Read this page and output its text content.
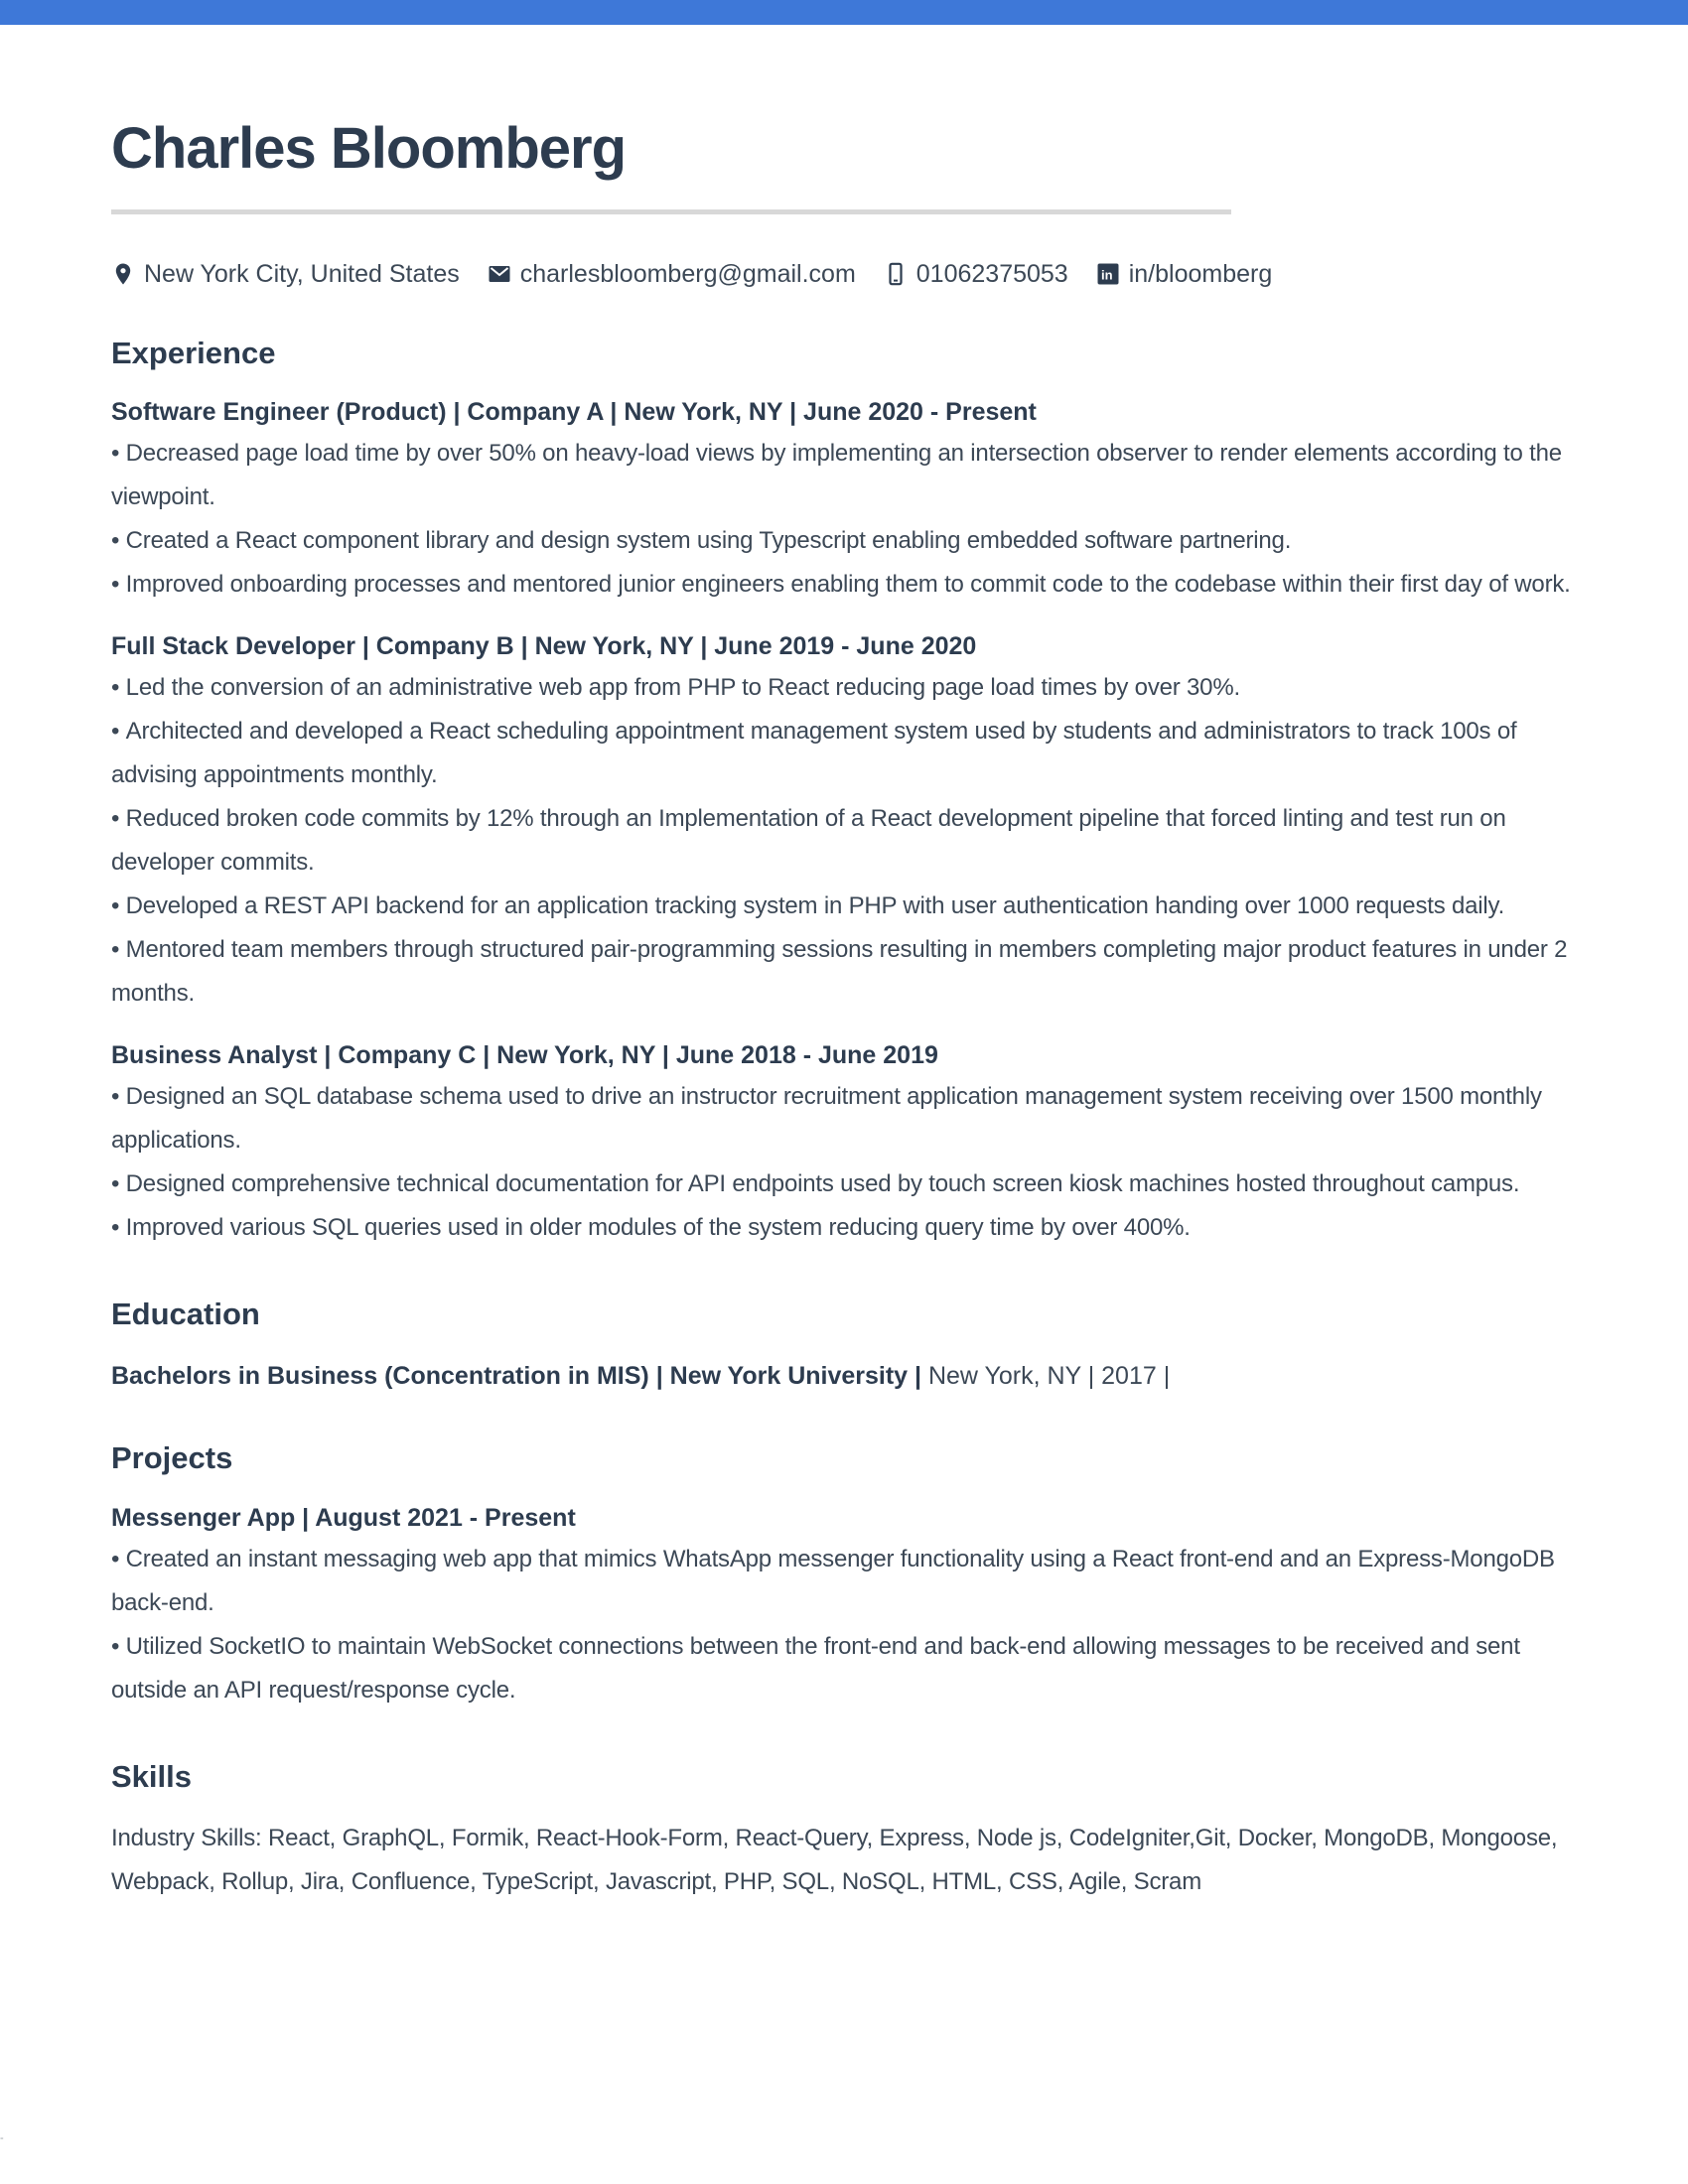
Charles Bloomberg
New York City, United States charlesbloomberg@gmail.com 01062375053	in in/bloomberg
Experience
Software Engineer (Product) | Company A | New York, NY | June 2020 - Present

• Decreased page load time by over 50% on heavy-load views by implementing an intersection observer to render elements according to the viewpoint.

• Created a React component library and design system using Typescript enabling embedded software partnering.

• Improved onboarding processes and mentored junior engineers enabling them to commit code to the codebase within their first day of work.

Full Stack Developer | Company B | New York, NY | June 2019 - June 2020

• Led the conversion of an administrative web app from PHP to React reducing page load times by over 30%.

• Architected and developed a React scheduling appointment management system used by students and administrators to track 100s of advising appointments monthly.

• Reduced broken code commits by 12% through an Implementation of a React development pipeline that forced linting and test run on developer commits.

• Developed a REST API backend for an application tracking system in PHP with user authentication handing over 1000 requests daily.

• Mentored team members through structured pair-programming sessions resulting in members completing major product features in under 2 months.

Business Analyst | Company C | New York, NY | June 2018 - June 2019

• Designed an SQL database schema used to drive an instructor recruitment application management system receiving over 1500 monthly applications.

• Designed comprehensive technical documentation for API endpoints used by touch screen kiosk machines hosted throughout campus.

• Improved various SQL queries used in older modules of the system reducing query time by over 400%.

Education

Bachelors in Business (Concentration in MIS) | New York University | New York, NY | 2017 |

Projects
Messenger App | August 2021 - Present

• Created an instant messaging web app that mimics WhatsApp messenger functionality using a React front-end and an Express-MongoDB back-end.

• Utilized SocketIO to maintain WebSocket connections between the front-end and back-end allowing messages to be received and sent outside an API request/response cycle.

Skills

Industry Skills: React, GraphQL, Formik, React-Hook-Form, React-Query, Express, Node js, CodeIgniter,Git, Docker, MongoDB, Mongoose, Webpack, Rollup, Jira, Confluence, TypeScript, Javascript, PHP, SQL, NoSQL, HTML, CSS, Agile, Scram

-
